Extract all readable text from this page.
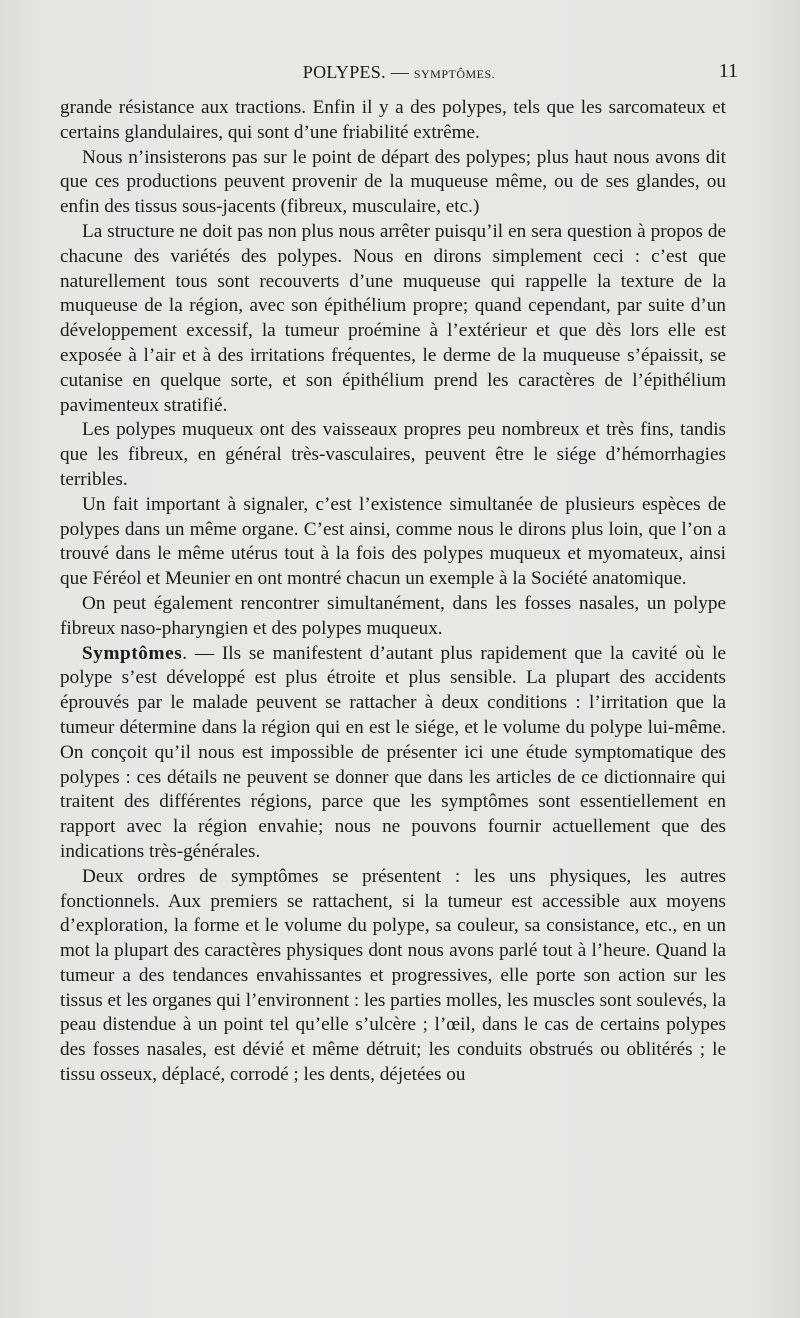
POLYPES. — SYMPTÔMES.	11

grande résistance aux tractions. Enfin il y a des polypes, tels que les sarcomateux et certains glandulaires, qui sont d’une friabilité extrême.

Nous n’insisterons pas sur le point de départ des polypes; plus haut nous avons dit que ces productions peuvent provenir de la muqueuse même, ou de ses glandes, ou enfin des tissus sous-jacents (fibreux, musculaire, etc.)

La structure ne doit pas non plus nous arrêter puisqu’il en sera question à propos de chacune des variétés des polypes. Nous en dirons simplement ceci : c’est que naturellement tous sont recouverts d’une muqueuse qui rappelle la texture de la muqueuse de la région, avec son épithélium propre; quand cependant, par suite d’un développement excessif, la tumeur proémine à l’extérieur et que dès lors elle est exposée à l’air et à des irritations fréquentes, le derme de la muqueuse s’épaissit, se cutanise en quelque sorte, et son épithélium prend les caractères de l’épithélium pavimenteux stratifié.

Les polypes muqueux ont des vaisseaux propres peu nombreux et très fins, tandis que les fibreux, en général très-vasculaires, peuvent être le siége d’hémorrhagies terribles.

Un fait important à signaler, c’est l’existence simultanée de plusieurs espèces de polypes dans un même organe. C’est ainsi, comme nous le dirons plus loin, que l’on a trouvé dans le même utérus tout à la fois des polypes muqueux et myomateux, ainsi que Féréol et Meunier en ont montré chacun un exemple à la Société anatomique.

On peut également rencontrer simultanément, dans les fosses nasales, un polype fibreux naso-pharyngien et des polypes muqueux.

Symptômes. — Ils se manifestent d’autant plus rapidement que la cavité où le polype s’est développé est plus étroite et plus sensible. La plupart des accidents éprouvés par le malade peuvent se rattacher à deux conditions : l’irritation que la tumeur détermine dans la région qui en est le siége, et le volume du polype lui-même. On conçoit qu’il nous est impossible de présenter ici une étude symptomatique des polypes : ces détails ne peuvent se donner que dans les articles de ce dictionnaire qui traitent des différentes régions, parce que les symptômes sont essentiellement en rapport avec la région envahie; nous ne pouvons fournir actuellement que des indications très-générales.

Deux ordres de symptômes se présentent : les uns physiques, les autres fonctionnels. Aux premiers se rattachent, si la tumeur est accessible aux moyens d’exploration, la forme et le volume du polype, sa couleur, sa consistance, etc., en un mot la plupart des caractères physiques dont nous avons parlé tout à l’heure. Quand la tumeur a des tendances envahissantes et progressives, elle porte son action sur les tissus et les organes qui l’environnent : les parties molles, les muscles sont soulevés, la peau distendue à un point tel qu’elle s’ulcère ; l’œil, dans le cas de certains polypes des fosses nasales, est dévié et même détruit; les conduits obstrués ou oblitérés ; le tissu osseux, déplacé, corrodé ; les dents, déjetées ou
